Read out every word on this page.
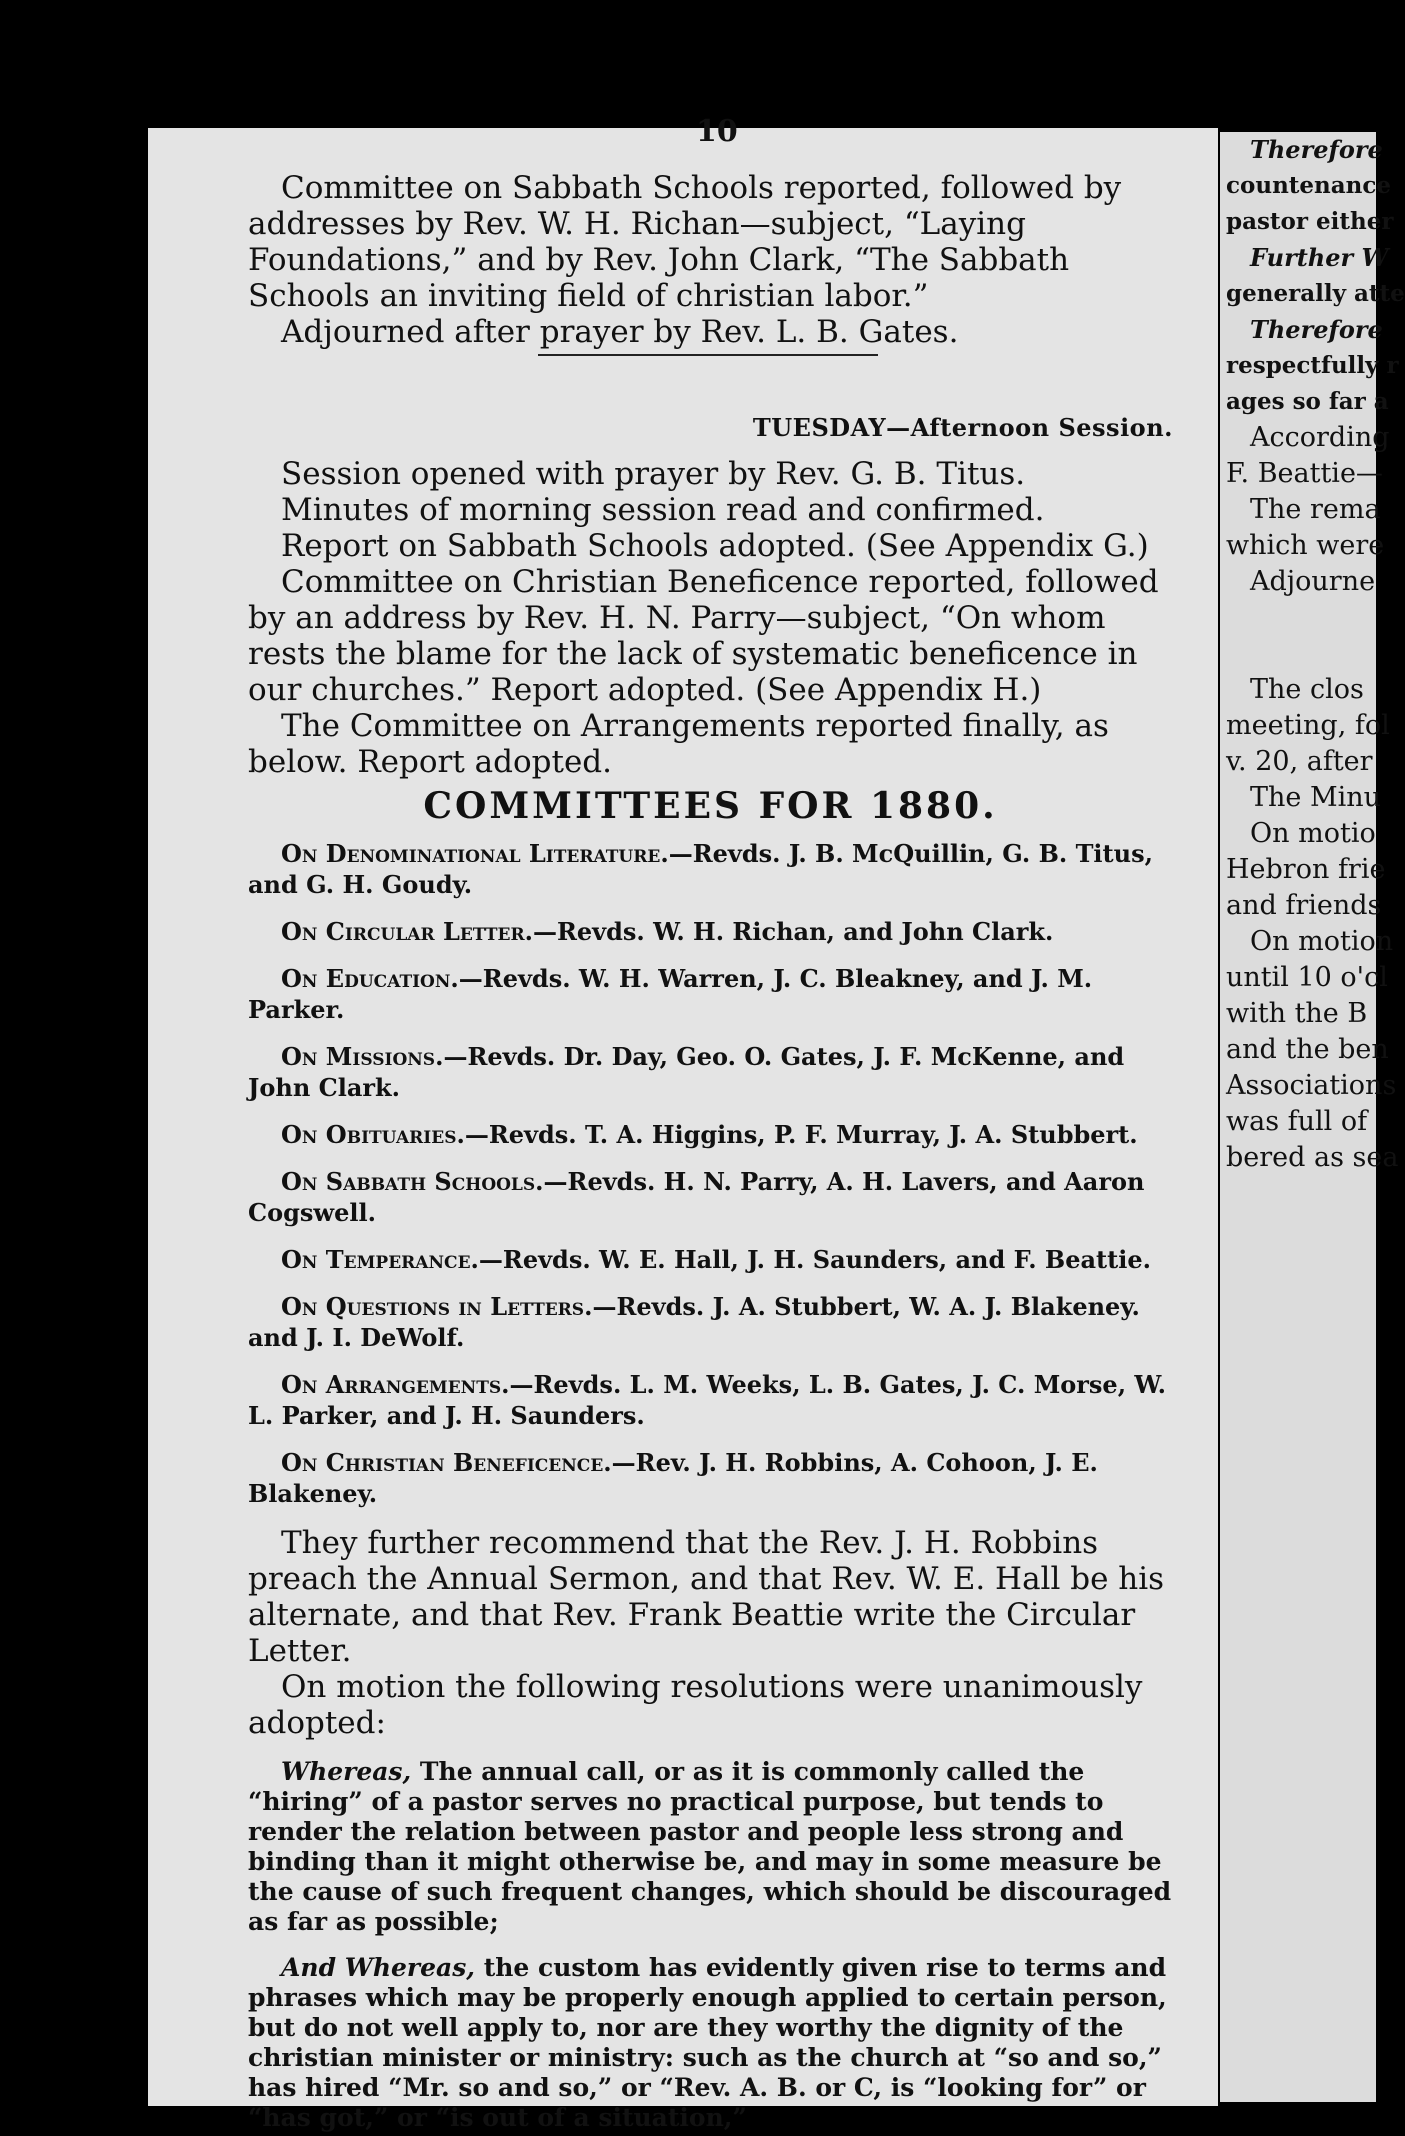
10

Committee on Sabbath Schools reported, followed by addresses by Rev. W. H. Richan—subject, “Laying Foundations,” and by Rev. John Clark, “The Sabbath Schools an inviting field of christian labor.”

Adjourned after prayer by Rev. L. B. Gates.

TUESDAY—Afternoon Session.

Session opened with prayer by Rev. G. B. Titus.

Minutes of morning session read and confirmed.

Report on Sabbath Schools adopted. (See Appendix G.)

Committee on Christian Beneficence reported, followed by an address by Rev. H. N. Parry—subject, “On whom rests the blame for the lack of systematic beneficence in our churches.” Report adopted. (See Appendix H.)

The Committee on Arrangements reported finally, as below. Report adopted.

COMMITTEES FOR 1880.

On Denominational Literature.—Revds. J. B. McQuillin, G. B. Titus, and G. H. Goudy.

On Circular Letter.—Revds. W. H. Richan, and John Clark.

On Education.—Revds. W. H. Warren, J. C. Bleakney, and J. M. Parker.

On Missions.—Revds. Dr. Day, Geo. O. Gates, J. F. McKenne, and John Clark.

On Obituaries.—Revds. T. A. Higgins, P. F. Murray, J. A. Stubbert.

On Sabbath Schools.—Revds. H. N. Parry, A. H. Lavers, and Aaron Cogswell.

On Temperance.—Revds. W. E. Hall, J. H. Saunders, and F. Beattie.

On Questions in Letters.—Revds. J. A. Stubbert, W. A. J. Blakeney. and J. I. DeWolf.

On Arrangements.—Revds. L. M. Weeks, L. B. Gates, J. C. Morse, W. L. Parker, and J. H. Saunders.

On Christian Beneficence.—Rev. J. H. Robbins, A. Cohoon, J. E. Blakeney.

They further recommend that the Rev. J. H. Robbins preach the Annual Sermon, and that Rev. W. E. Hall be his alternate, and that Rev. Frank Beattie write the Circular Letter.

On motion the following resolutions were unanimously adopted:

Whereas, The annual call, or as it is commonly called the “hiring” of a pastor serves no practical purpose, but tends to render the relation between pastor and people less strong and binding than it might otherwise be, and may in some measure be the cause of such frequent changes, which should be discouraged as far as possible;

And Whereas, the custom has evidently given rise to terms and phrases which may be properly enough applied to certain person, but do not well apply to, nor are they worthy the dignity of the christian minister or ministry: such as the church at “so and so,” has hired “Mr. so and so,” or “Rev. A. B. or C, is “looking for” or “has got,” or “is out of a situation,”

Therefore
countenance
pastor either
Further W
generally atte
Therefore
respectfully r
ages so far a
According
F. Beattie—
The rema
which were
Adjourne

The clos
meeting, fol
v. 20, after
The Minu
On motio
Hebron frie
and friends
On motion
until 10 o'cl
with the B
and the ben
Associations
was full of
bered as sea
